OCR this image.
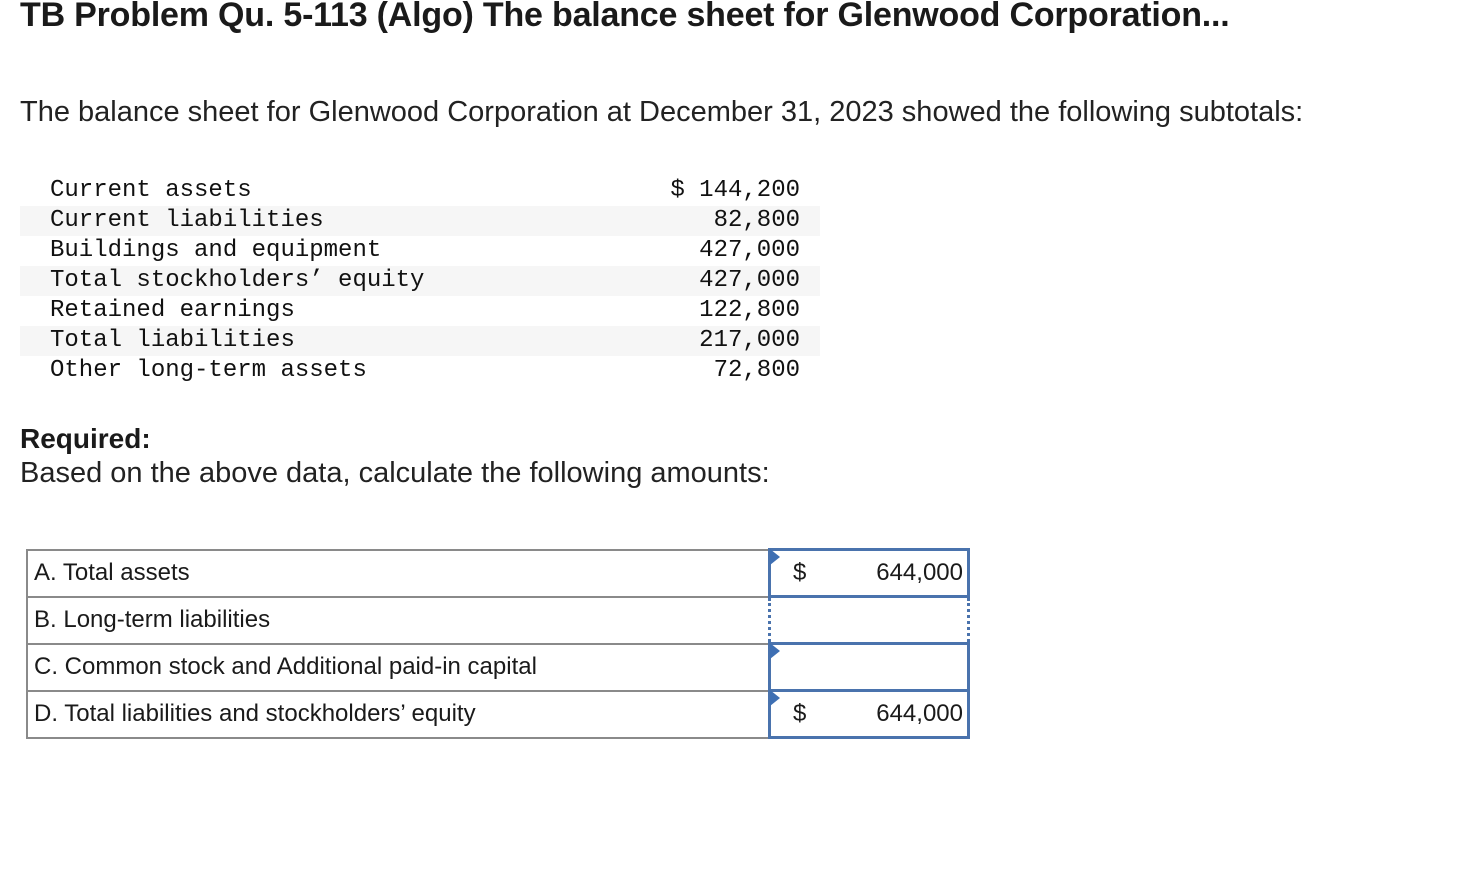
TB Problem Qu. 5-113 (Algo) The balance sheet for Glenwood Corporation...

The balance sheet for Glenwood Corporation at December 31, 2023 showed the following subtotals:

Current assets	$ 144,200
Current liabilities	82,800
Buildings and equipment	427,000
Total stockholders’ equity	427,000
Retained earnings	122,800
Total liabilities	217,000
Other long-term assets	72,800

Required:

Based on the above data, calculate the following amounts:

A. Total assets	$ 644,000

B. Long-term liabilities	

C. Common stock and Additional paid-in capital	

D. Total liabilities and stockholders’ equity	$ 644,000
